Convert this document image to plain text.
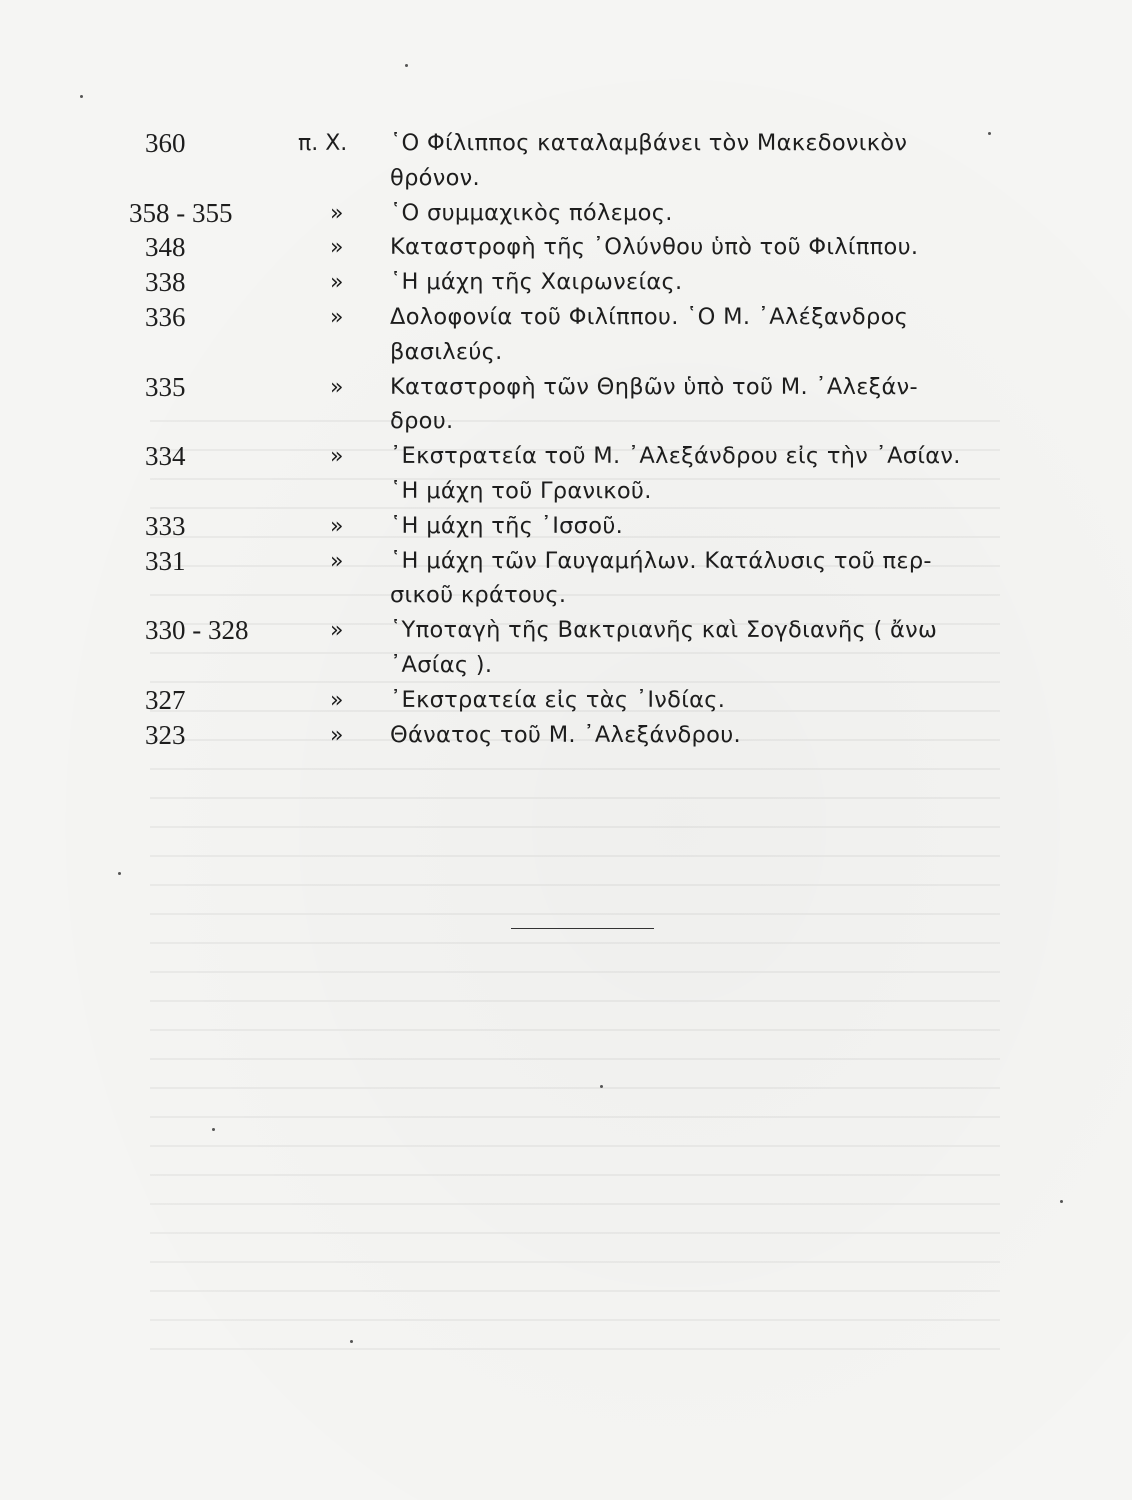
360	π. Χ. ῾Ο Φίλιππος καταλαμβάνει τὸν Μακεδονικὸν
θρόνον.
358 - 355	» ῾Ο συμμαχικὸς πόλεμος.
348	» Καταστροφὴ τῆς ᾿Ολύνθου ὑπὸ τοῦ Φιλίππου.
338	» ῾Η μάχη τῆς Χαιρωνείας.
336	» Δολοφονία τοῦ Φιλίππου. ῾Ο Μ. ᾿Αλέξανδρος
βασιλεύς.
335	» Καταστροφὴ τῶν Θηβῶν ὑπὸ τοῦ Μ. ᾿Αλεξάν-
δρου.
334	» ᾿Εκστρατεία τοῦ Μ. ᾿Αλεξάνδρου εἰς τὴν ᾿Ασίαν.
῾Η μάχη τοῦ Γρανικοῦ.
333	» ῾Η μάχη τῆς ᾿Ισσοῦ.
331	» ῾Η μάχη τῶν Γαυγαμήλων. Κατάλυσις τοῦ περ-
σικοῦ κράτους.
330 - 328	» ῾Υποταγὴ τῆς Βακτριανῆς καὶ Σογδιανῆς ( ἄνω
᾿Ασίας ).
327	» ᾿Εκστρατεία εἰς τὰς ᾿Ινδίας.
323	» Θάνατος τοῦ Μ. ᾿Αλεξάνδρου.
